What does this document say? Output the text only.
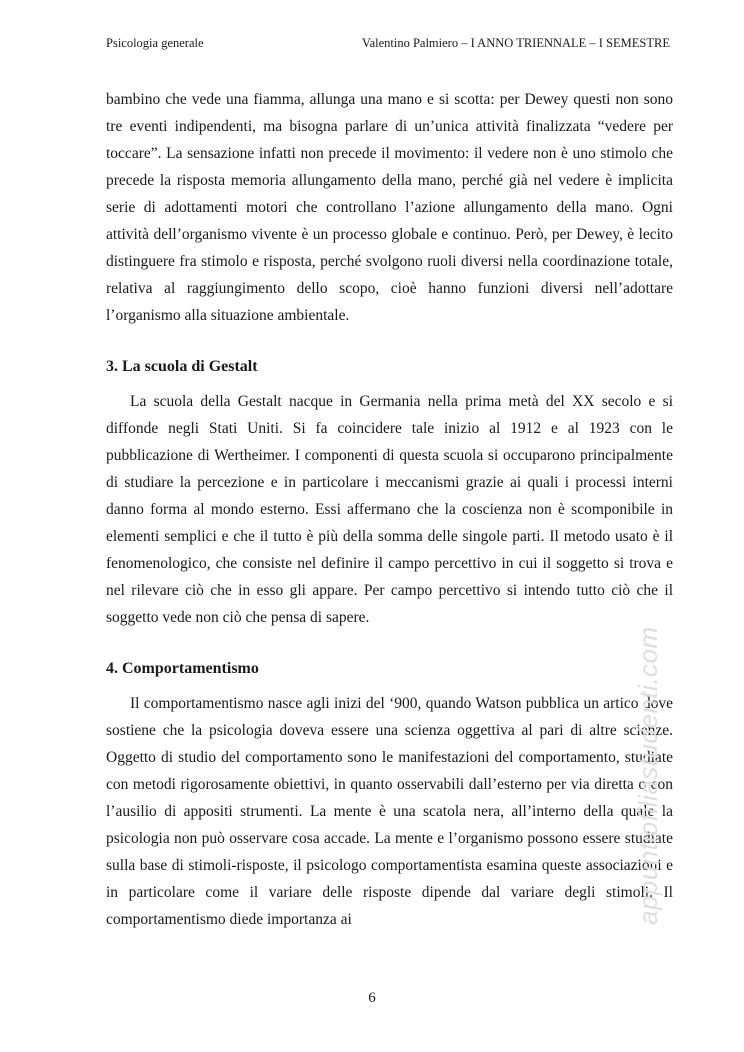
Psicologia generale	Valentino Palmiero – I ANNO TRIENNALE – I SEMESTRE

bambino che vede una fiamma, allunga una mano e si scotta: per Dewey questi non sono tre eventi indipendenti, ma bisogna parlare di un’unica attività finalizzata “vedere per toccare”. La sensazione infatti non precede il movimento: il vedere non è uno stimolo che precede la risposta memoria allungamento della mano, perché già nel vedere è implicita serie di adottamenti motori che controllano l’azione allungamento della mano. Ogni attività dell’organismo vivente è un processo globale e continuo. Però, per Dewey, è lecito distinguere fra stimolo e risposta, perché svolgono ruoli diversi nella coordinazione totale, relativa al raggiungimento dello scopo, cioè hanno funzioni diversi nell’adottare l’organismo alla situazione ambientale.

3. La scuola di Gestalt

La scuola della Gestalt nacque in Germania nella prima metà del XX secolo e si diffonde negli Stati Uniti. Si fa coincidere tale inizio al 1912 e al 1923 con le pubblicazione di Wertheimer. I componenti di questa scuola si occuparono principalmente di studiare la percezione e in particolare i meccanismi grazie ai quali i processi interni danno forma al mondo esterno. Essi affermano che la coscienza non è scomponibile in elementi semplici e che il tutto è più della somma delle singole parti. Il metodo usato è il fenomenologico, che consiste nel definire il campo percettivo in cui il soggetto si trova e nel rilevare ciò che in esso gli appare. Per campo percettivo si intendo tutto ciò che il soggetto vede non ciò che pensa di sapere.

4. Comportamentismo

Il comportamentismo nasce agli inizi del ‘900, quando Watson pubblica un artico dove sostiene che la psicologia doveva essere una scienza oggettiva al pari di altre scienze. Oggetto di studio del comportamento sono le manifestazioni del comportamento, studiate con metodi rigorosamente obiettivi, in quanto osservabili dall’esterno per via diretta o con l’ausilio di appositi strumenti. La mente è una scatola nera, all’interno della quale la psicologia non può osservare cosa accade. La mente e l’organismo possono essere studiate sulla base di stimoli-risposte, il psicologo comportamentista esamina queste associazioni e in particolare come il variare delle risposte dipende dal variare degli stimoli. Il comportamentismo diede importanza ai	appuntiofiliastudenti.com
6
